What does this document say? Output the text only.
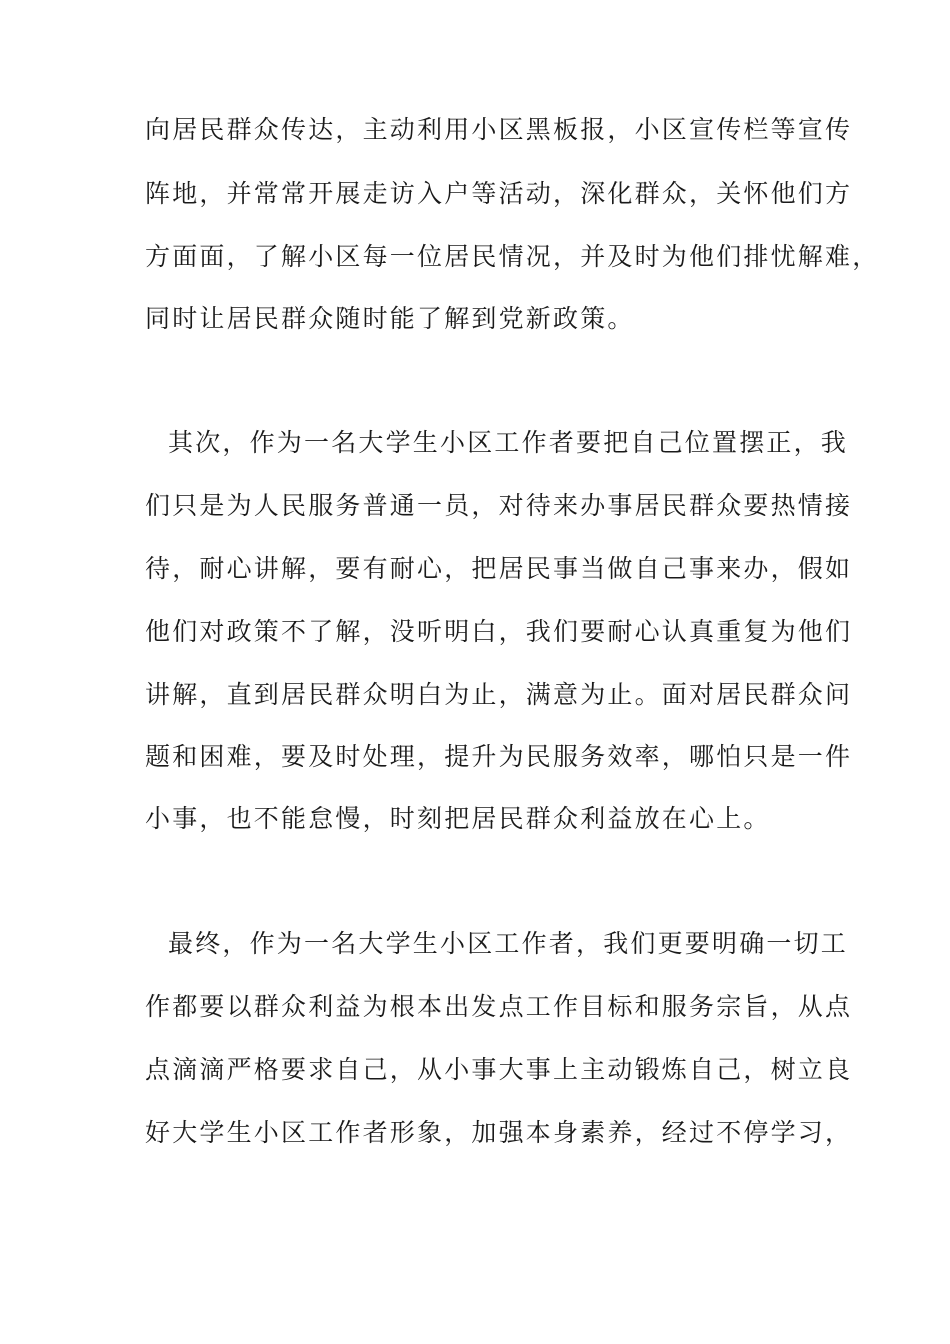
向居民群众传达，主动利用小区黑板报，小区宣传栏等宣传
阵地，并常常开展走访入户等活动，深化群众，关怀他们方
方面面，了解小区每一位居民情况，并及时为他们排忧解难，
同时让居民群众随时能了解到党新政策。
其次，作为一名大学生小区工作者要把自己位置摆正，我
们只是为人民服务普通一员，对待来办事居民群众要热情接
待，耐心讲解，要有耐心，把居民事当做自己事来办，假如
他们对政策不了解，没听明白，我们要耐心认真重复为他们
讲解，直到居民群众明白为止，满意为止。面对居民群众问
题和困难，要及时处理，提升为民服务效率，哪怕只是一件
小事，也不能怠慢，时刻把居民群众利益放在心上。
最终，作为一名大学生小区工作者，我们更要明确一切工
作都要以群众利益为根本出发点工作目标和服务宗旨，从点
点滴滴严格要求自己，从小事大事上主动锻炼自己，树立良
好大学生小区工作者形象，加强本身素养，经过不停学习，
